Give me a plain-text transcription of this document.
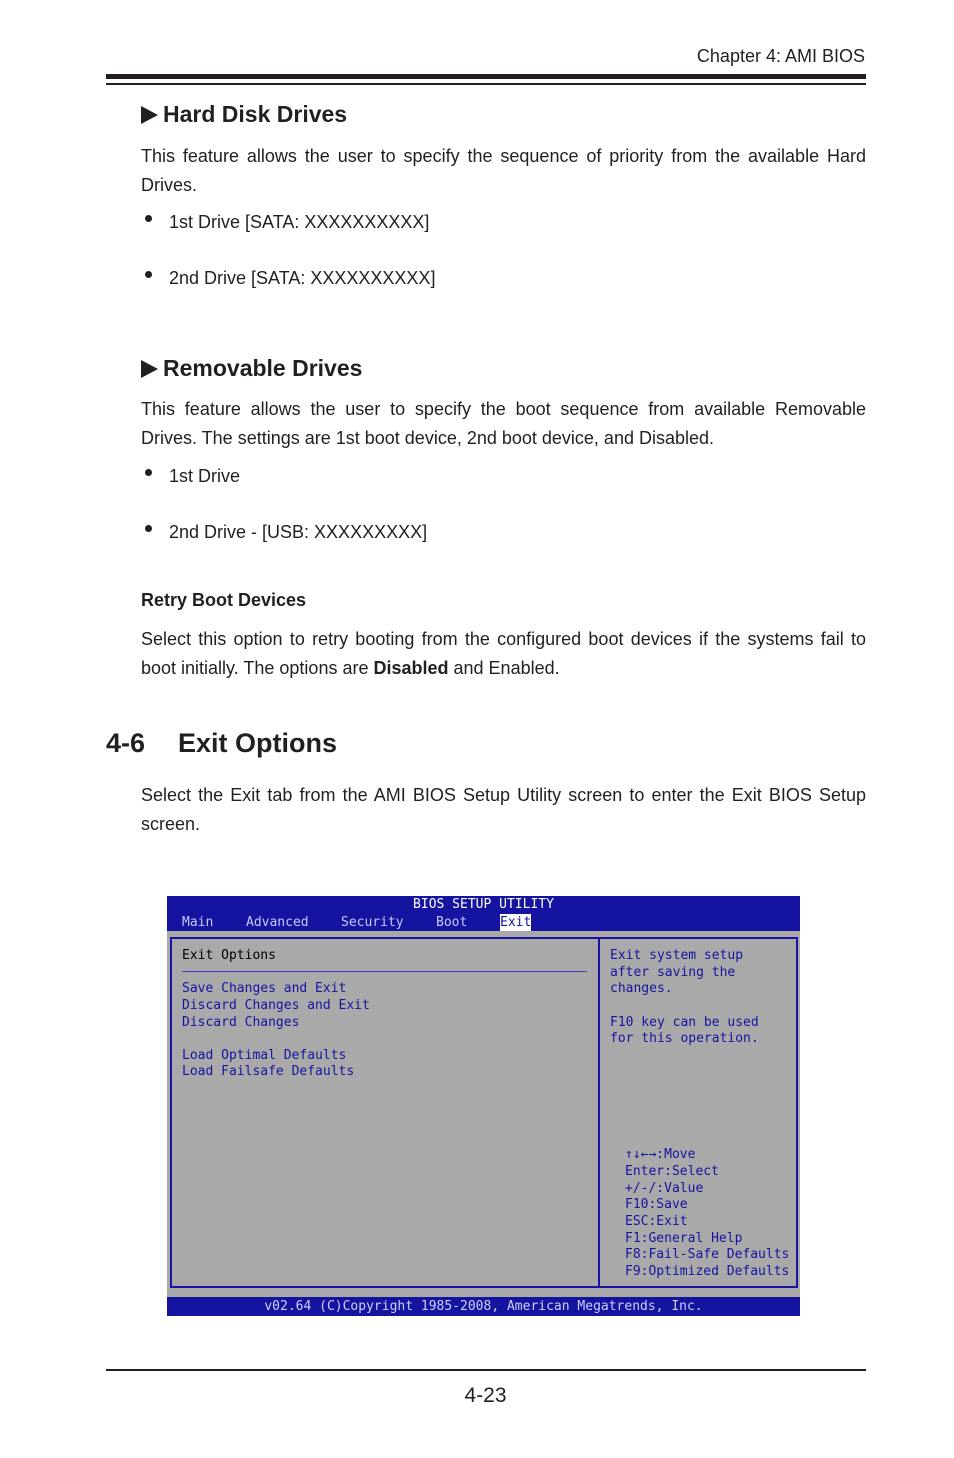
Chapter 4: AMI BIOS
Hard Disk Drives
This feature allows the user to specify the sequence of priority from the available Hard Drives.
1st Drive [SATA: XXXXXXXXXX]
2nd Drive [SATA: XXXXXXXXXX]
Removable Drives
This feature allows the user to specify the boot sequence from available Removable Drives. The settings are 1st boot device, 2nd boot device, and Disabled.
1st Drive
2nd Drive - [USB: XXXXXXXXX]
Retry Boot Devices
Select this option to retry booting from the configured boot devices if the systems fail to boot initially. The options are Disabled and Enabled.
4-6 Exit Options
Select the Exit tab from the AMI BIOS Setup Utility screen to enter the Exit BIOS Setup screen.
BIOS SETUP UTILITY
Main	Advanced Security Boot	Exit
Exit Options
Save Changes and Exit
Discard Changes and Exit
Discard Changes
Load Optimal Defaults
Load Failsafe Defaults
Exit system setup
after saving the
changes.
F10 key can be used
for this operation.
↑↓←→:Move
Enter:Select
+/-/:Value
F10:Save
ESC:Exit
F1:General Help
F8:Fail-Safe Defaults
F9:Optimized Defaults
v02.64 (C)Copyright 1985-2008, American Megatrends, Inc.
4-23
